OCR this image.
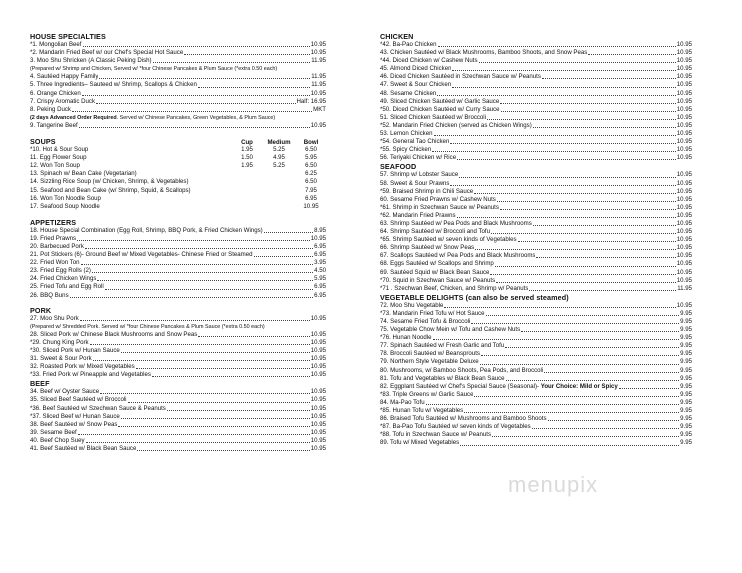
HOUSE SPECIALTIES
*1. Mongolian Beef	10.95
*2. Mandarin Fried Beef w/ our Chef's Special Hot Sauce	10.95
3. Moo Shu Shricken (A Classic Peking Dish)	11.95
(Prepared w/ Shrimp and Chicken, Served w/ *four Chinese Pancakes & Plum Sauce (*extra 0.50 each)
4. Sautéed Happy Family	11.95
5. Three Ingredients– Sauteed w/ Shrimp, Scallops & Chicken	11.95
6. Orange Chicken	10.95
7. Crispy Aromatic Duck	Half: 16.95
8. Peking Duck	MKT
(2 days Advanced Order Required. Served w/ Chinese Pancakes, Green Vegetables, & Plum Sauce)
9. Tangerine Beef	10.95
SOUPS	Cup	Medium	Bowl
*10. Hot & Sour Soup	1.95	5.25	6.50
11. Egg Flower Soup	1.50	4.95	5.95
12. Won Ton Soup	1.95	5.25	6.50
13. Spinach w/ Bean Cake (Vegetarian)	6.25
14. Sizzling Rice Soup (w/ Chicken, Shrimp, & Vegetables)	6.50
15. Seafood and Bean Cake (w/ Shrimp, Squid, & Scallops)	7.95
16. Won Ton Noodle Soup	6.95
17. Seafood Soup Noodle	10.95
APPETIZERS
18. House Special Combination (Egg Roll, Shrimp, BBQ Pork, & Fried Chicken Wings)	8.95
19. Fried Prawns	10.95
20. Barbecued Pork	6.95
21. Pot Stickers (6)- Ground Beef w/ Mixed Vegetables- Chinese Fried or Steamed	6.95
22. Fried Won Ton	3.95
23. Fried Egg Rolls (2)	4.50
24. Fried Chicken Wings	5.95
25. Fried Tofu and Egg Roll	6.95
26. BBQ Buns	6.95
PORK
27. Moo Shu Pork	10.95
(Prepared w/ Shredded Pork. Served w/ *four Chinese Pancakes & Plum Sauce (*extra 0.50 each)
28. Sliced Pork w/ Chinese Black Mushrooms and Snow Peas	10.95
*29. Chung King Pork	10.95
*30. Sliced Pork w/ Hunan Sauce	10.95
31. Sweet & Sour Pork	10.95
32. Roasted Pork w/ Mixed Vegetables	10.95
*33. Fried Pork w/ Pineapple and Vegetables	10.95
BEEF
34. Beef w/ Oyster Sauce	10.95
35. Sliced Beef Sautéed w/ Broccoli	10.95
*36. Beef Sautéed w/ Szechwan Sauce & Peanuts	10.95
*37. Sliced Beef w/ Hunan Sauce	10.95
38. Beef Sautéed w/ Snow Peas	10.95
39. Sesame Beef	10.95
40. Beef Chop Suey	10.95
41. Beef Sautéed w/ Black Bean Sauce	10.95
CHICKEN
*42. Ba-Pao Chicken	10.95
43. Chicken Sautéed w/ Black Mushrooms, Bamboo Shoots, and Snow Peas	10.95
*44. Diced Chicken w/ Cashew Nuts	10.95
45. Almond Diced Chicken	10.95
46. Diced Chicken Sautéed in Szechwan Sauce w/ Peanuts	10.95
47. Sweet & Sour Chicken	10.95
48. Sesame Chicken	10.95
49. Sliced Chicken Sautéed w/ Garlic Sauce	10.95
*50. Diced Chicken Sautéed w/ Curry Sauce	10.95
51. Sliced Chicken Sautéed w/ Broccoli	10.95
*52. Mandarin Fried Chicken (served as Chicken Wings)	10.95
53. Lemon Chicken	10.95
*54. General Tao Chicken	10.95
*55. Spicy Chicken	10.95
56. Teriyaki Chicken w/ Rice	10.95
SEAFOOD
57. Shrimp w/ Lobster Sauce	10.95
58. Sweet & Sour Prawns	10.95
*59. Braised Shrimp in Chili Sauce	10.95
60. Sesame Fried Prawns w/ Cashew Nuts	10.95
*61. Shrimp in Szechwan Sauce w/ Peanuts	10.95
*62. Mandarin Fried Prawns	10.95
63. Shrimp Sautéed w/ Pea Pods and Black Mushrooms	10.95
64. Shrimp Sautéed w/ Broccoli and Tofu	10.95
*65. Shrimp Sautéed w/ seven kinds of Vegetables	10.95
66. Shrimp Sautéed w/ Snow Peas	10.95
67. Scallops Sautéed w/ Pea Pods and Black Mushrooms	10.95
68. Eggs Sautéed w/ Scallops and Shrimp	10.95
69. Sautéed Squid w/ Black Bean Sauce	10.95
*70. Squid in Szechwan Sauce w/ Peanuts	10.95
*71 . Szechwan Beef, Chicken, and Shrimp w/ Peanuts	11.95
VEGETABLE DELIGHTS (can also be served steamed)
72. Moo Shu Vegetable	10.95
*73. Mandarin Fried Tofu w/ Hot Sauce	9.95
74. Sesame Fried Tofu & Broccoli	9.95
75. Vegetable Chow Mein w/ Tofu and Cashew Nuts	9.95
*76. Hunan Noodle	9.95
77. Spinach Sautéed w/ Fresh Garlic and Tofu	9.95
78. Broccoli Sautéed w/ Beansprouts	9.95
79. Northern Style Vegetable Deluxe	9.95
80. Mushrooms, w/ Bamboo Shoots, Pea Pods, and Broccoli	9.95
81. Tofu and Vegetables w/ Black Bean Sauce	9.95
82. Eggplant Sautéed w/ Chef's Special Sauce (Seasonal)- Your Choice: Mild or Spicy	9.95
*83. Triple Greens w/ Garlic Sauce	9.95
84. Ma-Pao Tofu	9.95
*85. Hunan Tofu w/ Vegetables	9.95
86. Braised Tofu Sautéed w/ Mushrooms and Bamboo Shoots	9.95
*87. Ba-Pao Tofu Sautéed w/ seven kinds of Vegetables	9.95
*88. Tofu in Szechwan Sauce w/ Peanuts	9.95
89. Tofu w/ Mixed Vegetables	9.95
menupix
